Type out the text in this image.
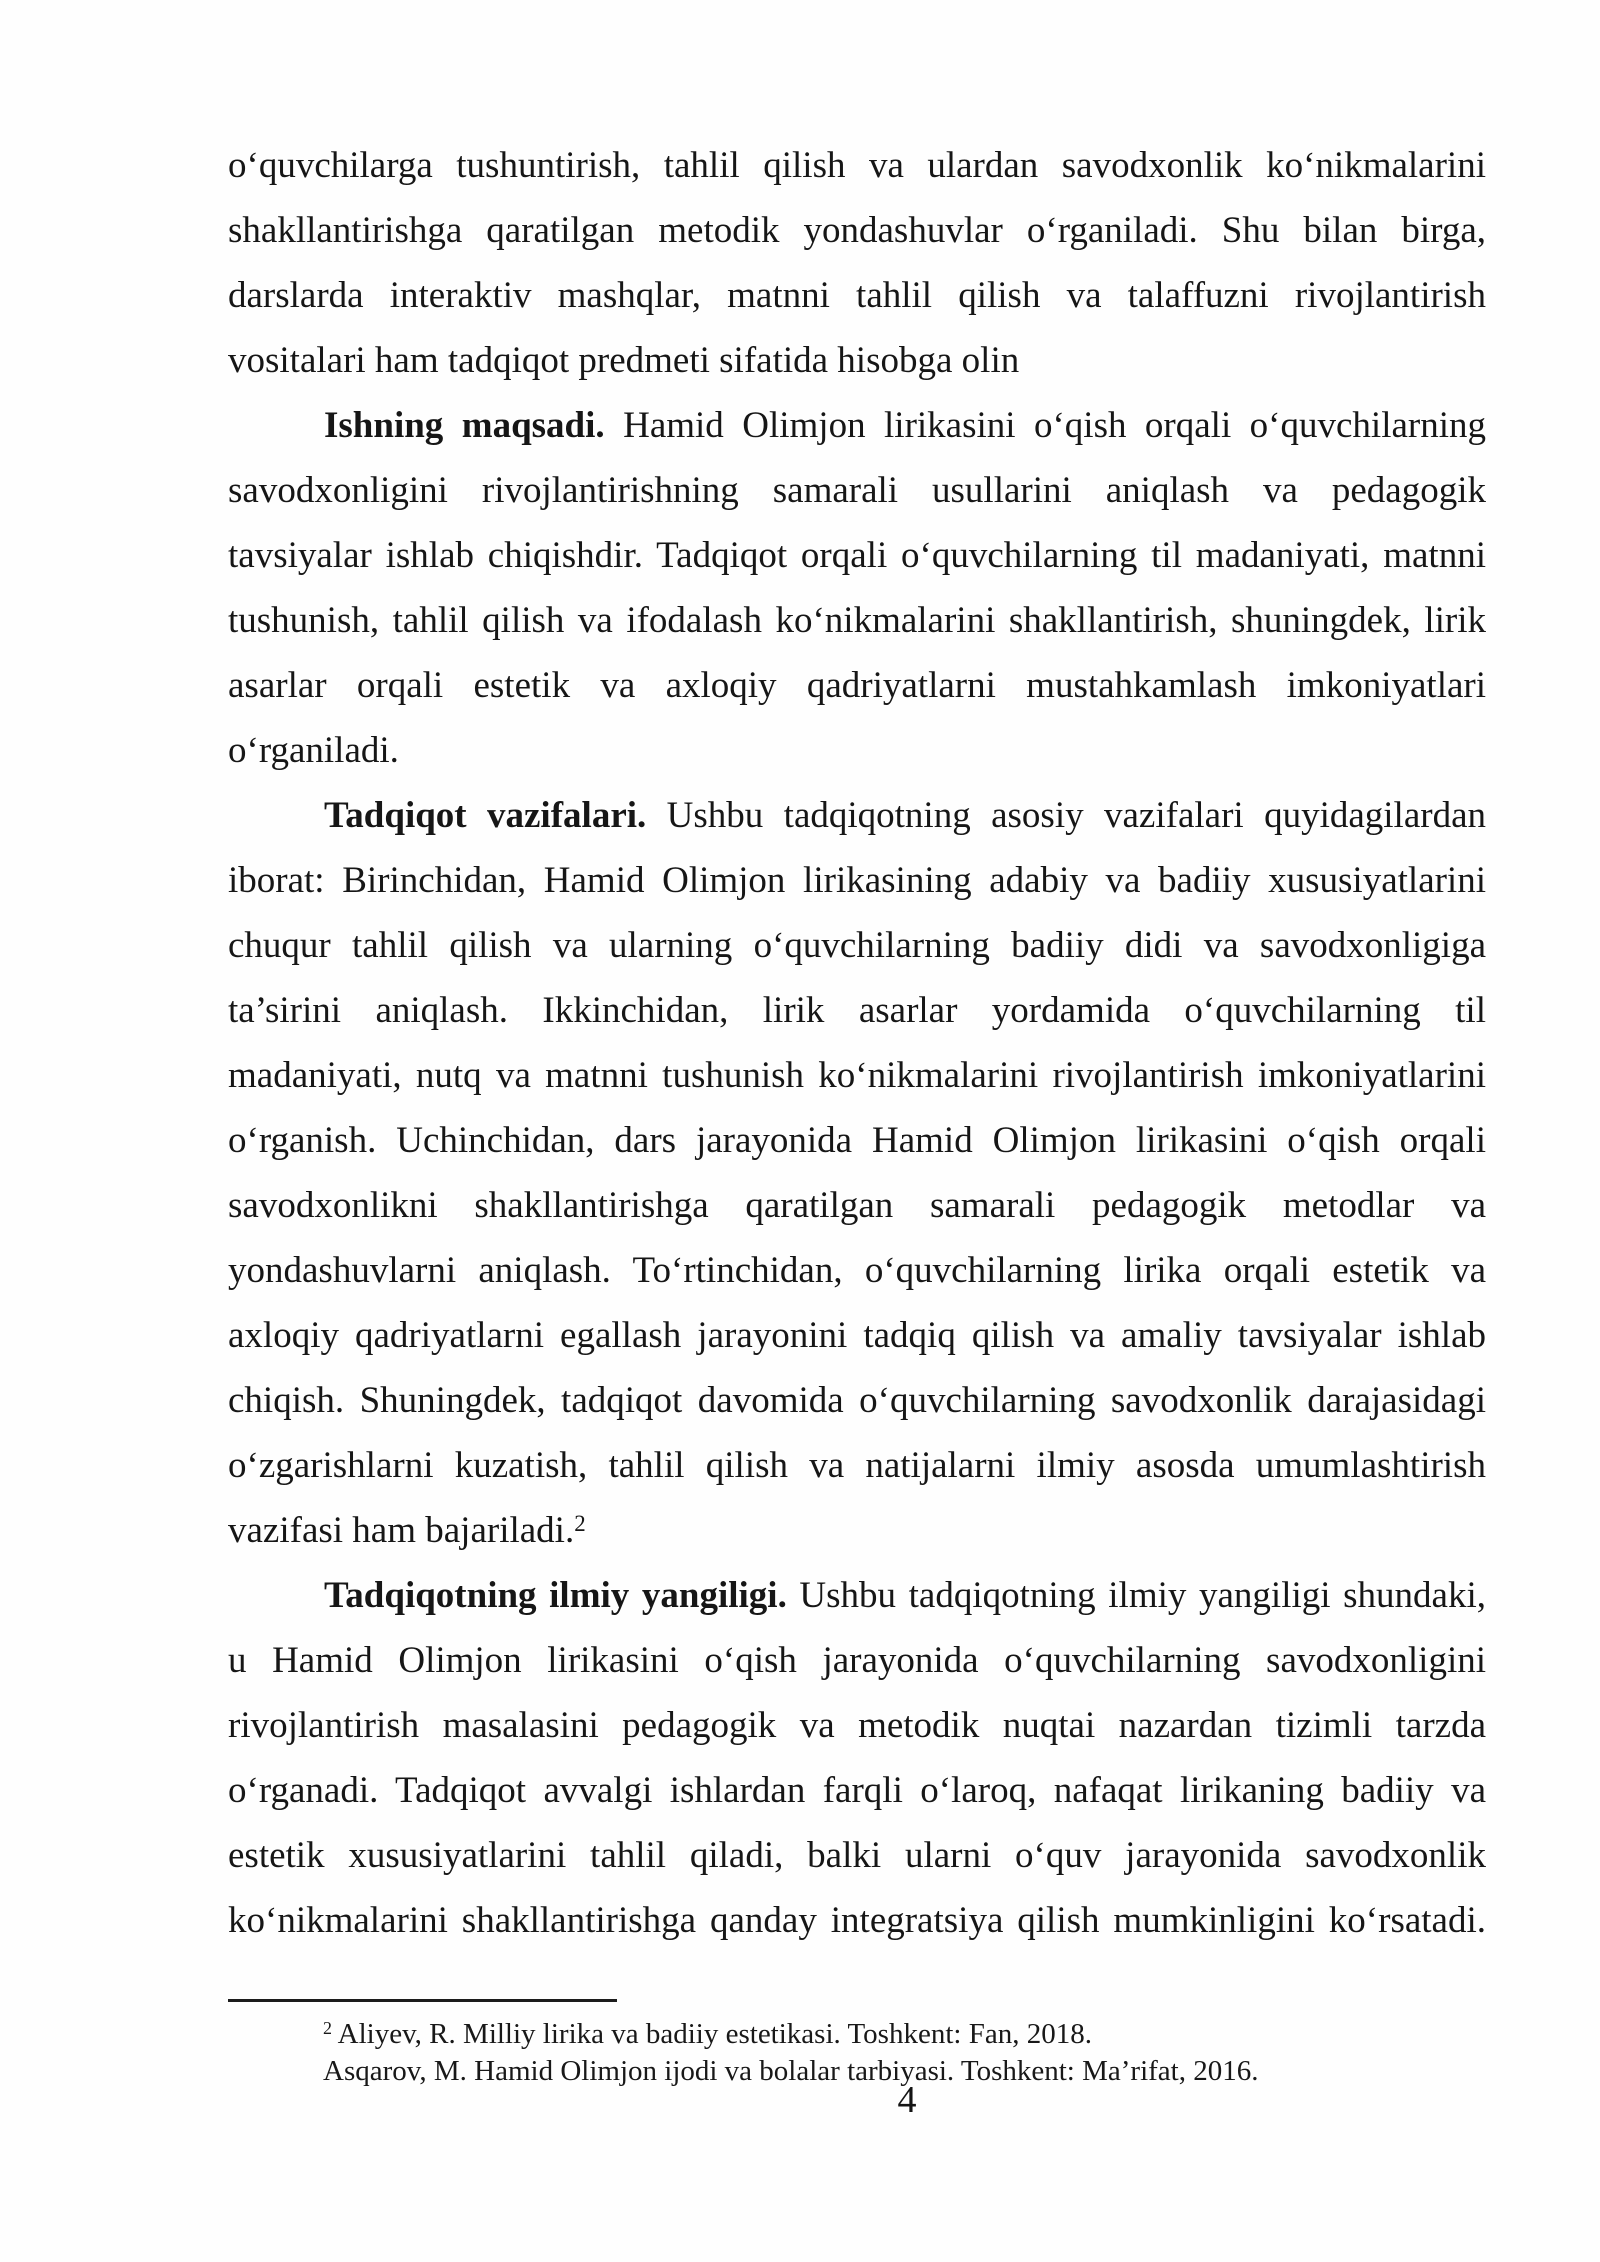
o‘quvchilarga tushuntirish, tahlil qilish va ulardan savodxonlik ko‘nikmalarini
shakllantirishga qaratilgan metodik yondashuvlar o‘rganiladi. Shu bilan birga,
darslarda interaktiv mashqlar, matnni tahlil qilish va talaffuzni rivojlantirish
vositalari ham tadqiqot predmeti sifatida hisobga olin
Ishning maqsadi. Hamid Olimjon lirikasini o‘qish orqali o‘quvchilarning
savodxonligini rivojlantirishning samarali usullarini aniqlash va pedagogik
tavsiyalar ishlab chiqishdir. Tadqiqot orqali o‘quvchilarning til madaniyati, matnni
tushunish, tahlil qilish va ifodalash ko‘nikmalarini shakllantirish, shuningdek, lirik
asarlar orqali estetik va axloqiy qadriyatlarni mustahkamlash imkoniyatlari
o‘rganiladi.
Tadqiqot vazifalari. Ushbu tadqiqotning asosiy vazifalari quyidagilardan
iborat: Birinchidan, Hamid Olimjon lirikasining adabiy va badiiy xususiyatlarini
chuqur tahlil qilish va ularning o‘quvchilarning badiiy didi va savodxonligiga
ta’sirini aniqlash. Ikkinchidan, lirik asarlar yordamida o‘quvchilarning til
madaniyati, nutq va matnni tushunish ko‘nikmalarini rivojlantirish imkoniyatlarini
o‘rganish. Uchinchidan, dars jarayonida Hamid Olimjon lirikasini o‘qish orqali
savodxonlikni shakllantirishga qaratilgan samarali pedagogik metodlar va
yondashuvlarni aniqlash. To‘rtinchidan, o‘quvchilarning lirika orqali estetik va
axloqiy qadriyatlarni egallash jarayonini tadqiq qilish va amaliy tavsiyalar ishlab
chiqish. Shuningdek, tadqiqot davomida o‘quvchilarning savodxonlik darajasidagi
o‘zgarishlarni kuzatish, tahlil qilish va natijalarni ilmiy asosda umumlashtirish
vazifasi ham bajariladi.$^2$
Tadqiqotning ilmiy yangiligi. Ushbu tadqiqotning ilmiy yangiligi shundaki,
u Hamid Olimjon lirikasini o‘qish jarayonida o‘quvchilarning savodxonligini
rivojlantirish masalasini pedagogik va metodik nuqtai nazardan tizimli tarzda
o‘rganadi. Tadqiqot avvalgi ishlardan farqli o‘laroq, nafaqat lirikaning badiiy va
estetik xususiyatlarini tahlil qiladi, balki ularni o‘quv jarayonida savodxonlik
ko‘nikmalarini shakllantirishga qanday integratsiya qilish mumkinligini ko‘rsatadi.
$^2$ Aliyev, R. Milliy lirika va badiiy estetikasi. Toshkent: Fan, 2018.
Asqarov, M. Hamid Olimjon ijodi va bolalar tarbiyasi. Toshkent: Ma’rifat, 2016.
4
